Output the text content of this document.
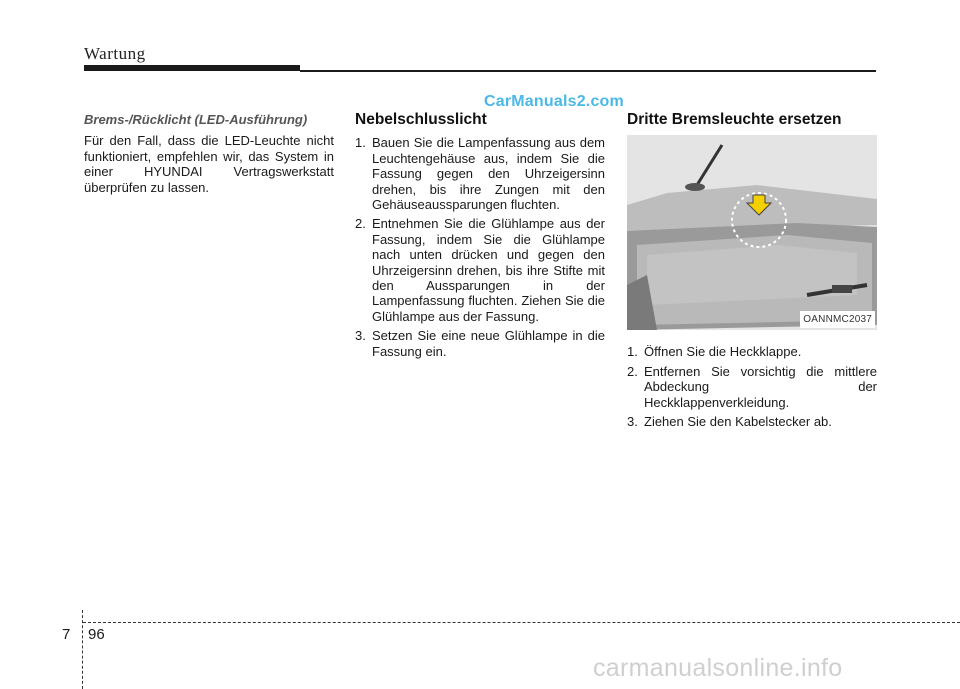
Wartung
CarManuals2.com

Brems-/Rücklicht (LED-Ausführung)

Für den Fall, dass die LED-Leuchte nicht funktioniert, empfehlen wir, das System in einer HYUNDAI Vertragswerkstatt überprüfen zu lassen.

Nebelschlusslicht
1. Bauen Sie die Lampenfassung aus dem Leuchtengehäuse aus, indem Sie die Fassung gegen den Uhrzeigersinn drehen, bis ihre Zungen mit den Gehäuseaussparungen fluchten.
2. Entnehmen Sie die Glühlampe aus der Fassung, indem Sie die Glühlampe nach unten drücken und gegen den Uhrzeigersinn drehen, bis ihre Stifte mit den Aussparungen in der Lampenfassung fluchten. Ziehen Sie die Glühlampe aus der Fassung.
3. Setzen Sie eine neue Glühlampe in die Fassung ein.
Dritte Bremsleuchte ersetzen
OANNMC2037
1. Öffnen Sie die Heckklappe.
2. Entfernen Sie vorsichtig die mittlere Abdeckung der Heckklappenverkleidung.
3. Ziehen Sie den Kabelstecker ab.
7 96
carmanualsonline.info
